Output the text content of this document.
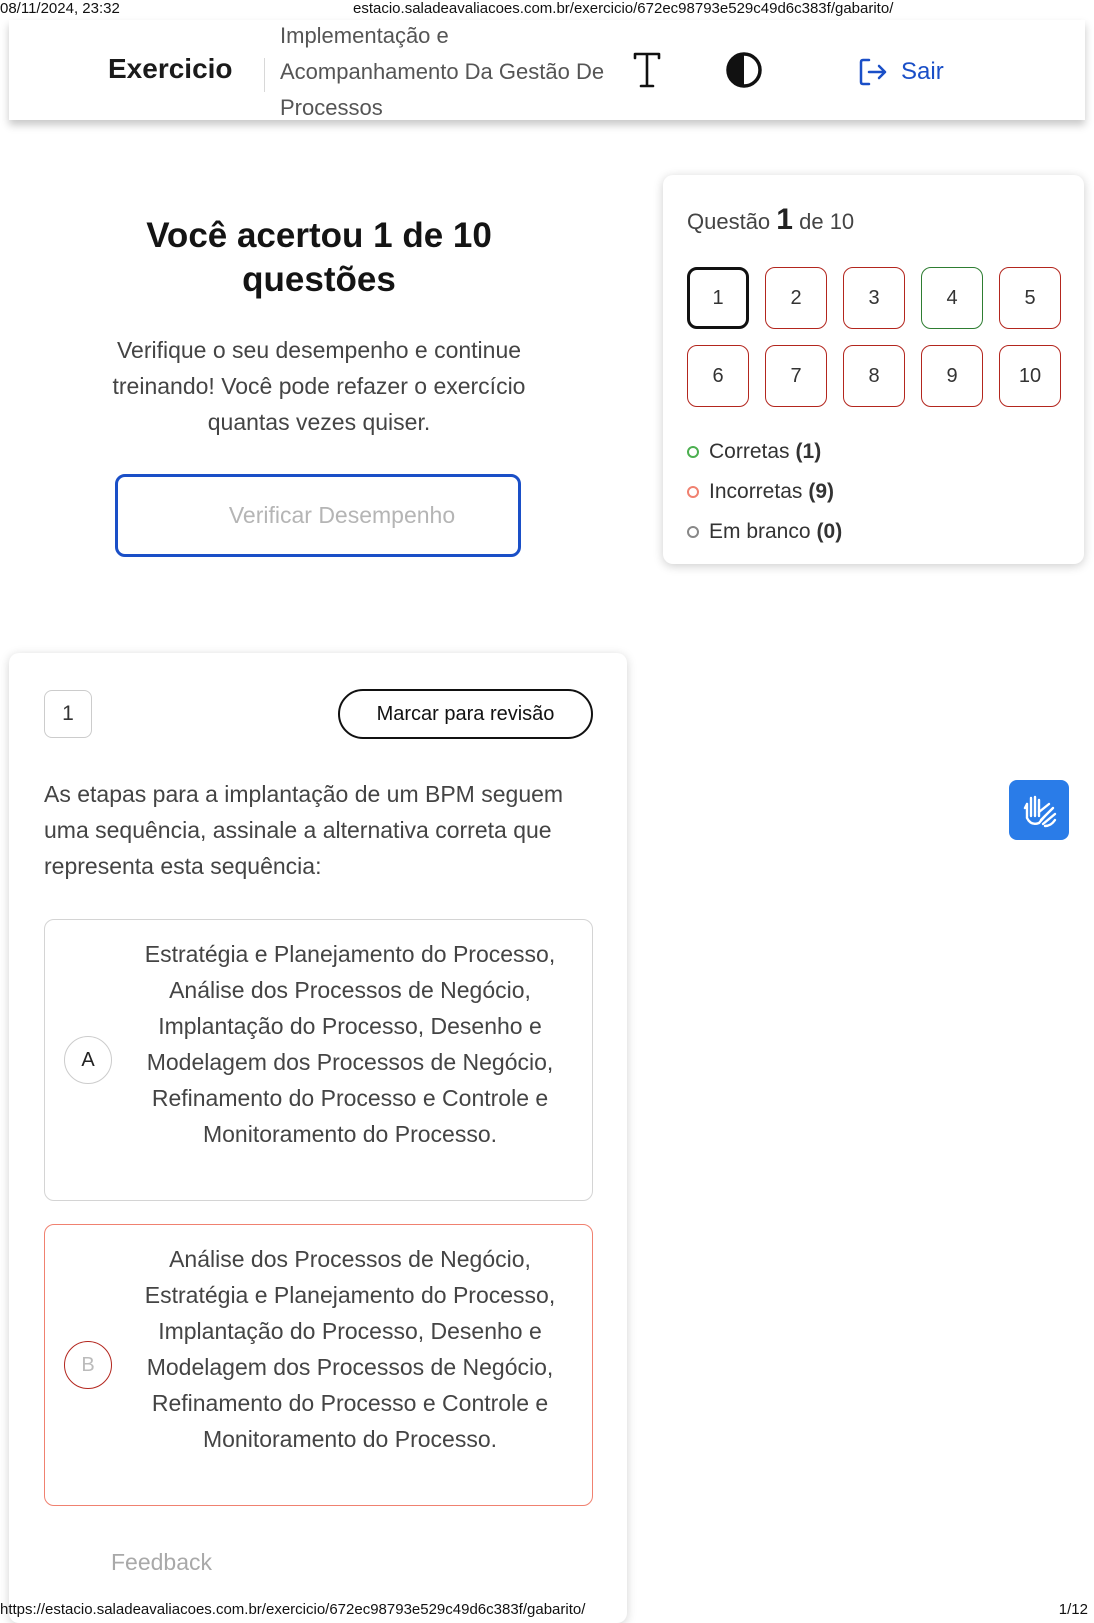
08/11/2024, 23:32	estacio.saladeavaliacoes.com.br/exercicio/672ec98793e529c49d6c383f/gabarito/
Exercicio
Implementação e Acompanhamento Da Gestão De Processos
Sair
Você acertou 1 de 10 questões

Verifique o seu desempenho e continue treinando! Você pode refazer o exercício quantas vezes quiser.

Verificar Desempenho
Questão 1 de 10
1	2	3	4	5
6	7	8	9	10
Corretas (1)
Incorretas (9)
Em branco (0)
1	Marcar para revisão
As etapas para a implantação de um BPM seguem uma sequência, assinale a alternativa correta que representa esta sequência:
A
Estratégia e Planejamento do Processo, Análise dos Processos de Negócio, Implantação do Processo, Desenho e Modelagem dos Processos de Negócio, Refinamento do Processo e Controle e Monitoramento do Processo.
B
Análise dos Processos de Negócio, Estratégia e Planejamento do Processo, Implantação do Processo, Desenho e Modelagem dos Processos de Negócio, Refinamento do Processo e Controle e Monitoramento do Processo.
Feedback
https://estacio.saladeavaliacoes.com.br/exercicio/672ec98793e529c49d6c383f/gabarito/	1/12
